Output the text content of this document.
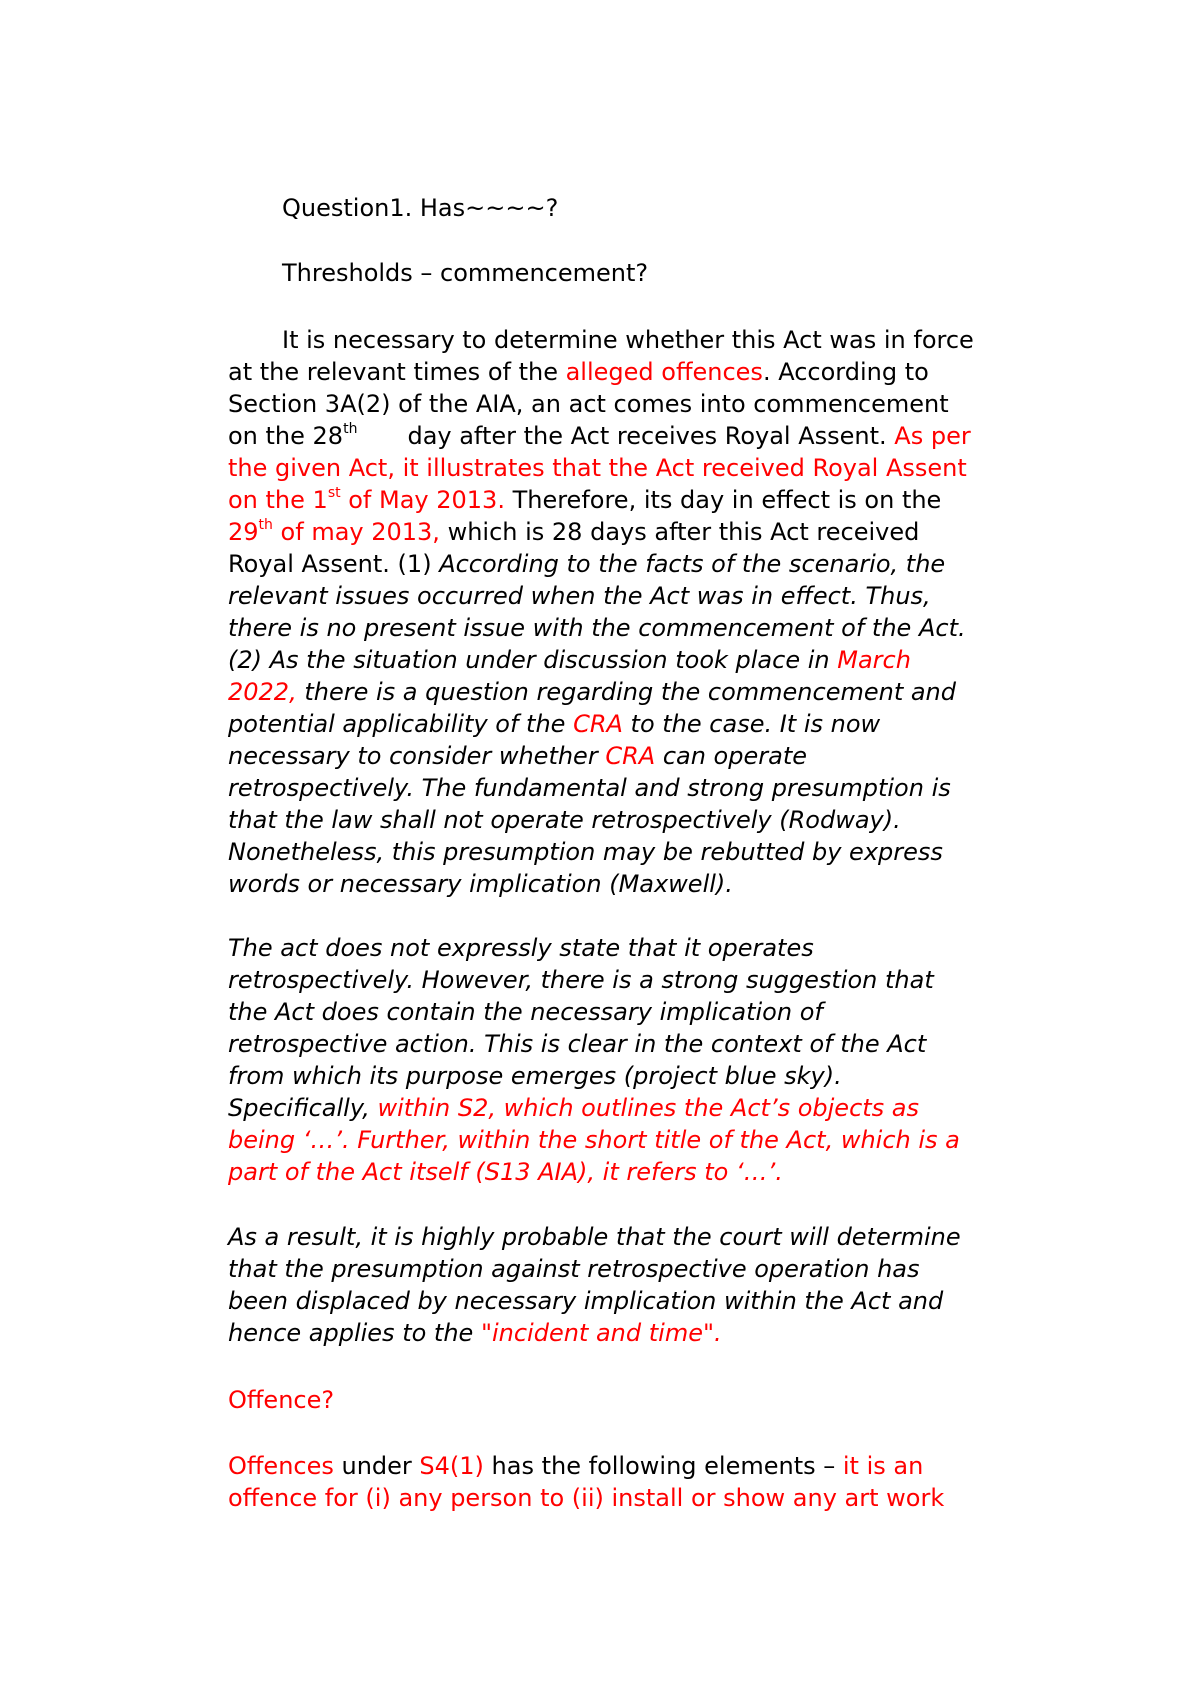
Question1. Has~~~~?

Thresholds – commencement?

It is necessary to determine whether this Act was in force

at the relevant times of the alleged offences. According to

Section 3A(2) of the AIA, an act comes into commencement

on the 28th day after the Act receives Royal Assent. As per

the given Act, it illustrates that the Act received Royal Assent

on the 1st of May 2013. Therefore, its day in effect is on the

29th of may 2013, which is 28 days after this Act received

Royal Assent. (1) According to the facts of the scenario, the

relevant issues occurred when the Act was in effect. Thus,

there is no present issue with the commencement of the Act.

(2) As the situation under discussion took place in March

2022, there is a question regarding the commencement and

potential applicability of the CRA to the case. It is now

necessary to consider whether CRA can operate

retrospectively. The fundamental and strong presumption is

that the law shall not operate retrospectively (Rodway).

Nonetheless, this presumption may be rebutted by express

words or necessary implication (Maxwell).

The act does not expressly state that it operates

retrospectively. However, there is a strong suggestion that

the Act does contain the necessary implication of

retrospective action. This is clear in the context of the Act

from which its purpose emerges (project blue sky).

Specifically, within S2, which outlines the Act’s objects as

being ‘…’. Further, within the short title of the Act, which is a

part of the Act itself (S13 AIA), it refers to ‘…’.

As a result, it is highly probable that the court will determine

that the presumption against retrospective operation has

been displaced by necessary implication within the Act and

hence applies to the "incident and time".

Offence?

Offences under S4(1) has the following elements – it is an

offence for (i) any person to (ii) install or show any art work
